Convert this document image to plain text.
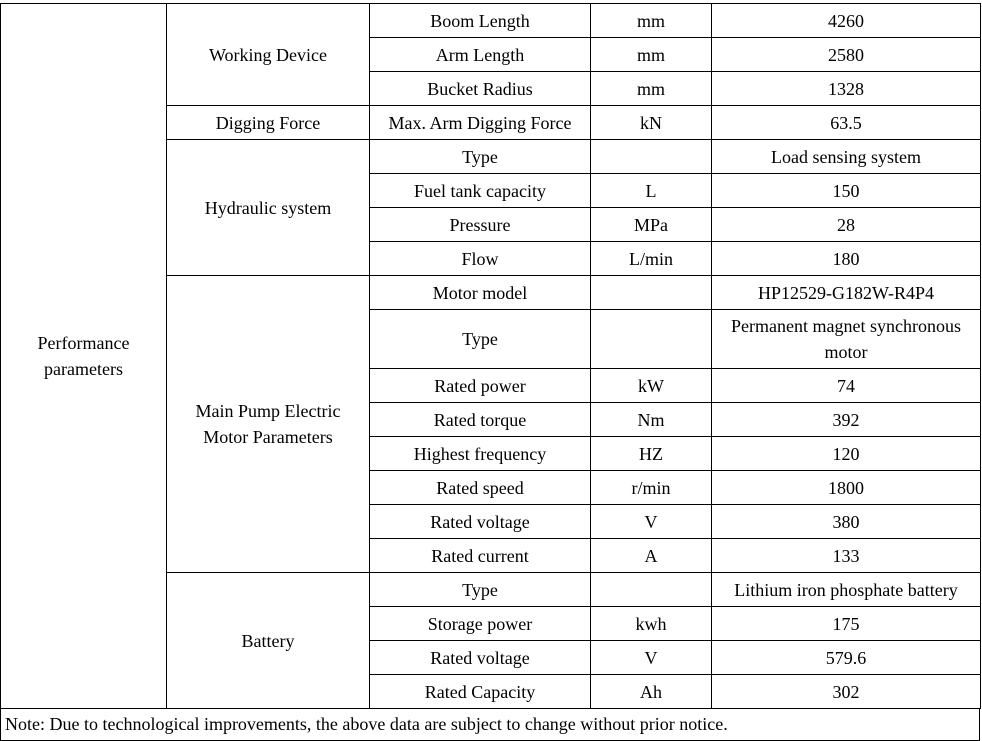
Performance parameters	Working Device	Boom Length	mm	4260
		Arm Length	mm	2580
		Bucket Radius	mm	1328
	Digging Force	Max. Arm Digging Force	kN	63.5
	Hydraulic system	Type		Load sensing system
		Fuel tank capacity	L	150
		Pressure	MPa	28
		Flow	L/min	180
	Main Pump Electric Motor Parameters	Motor model		HP12529-G182W-R4P4
		Type		Permanent magnet synchronous motor
		Rated power	kW	74
		Rated torque	Nm	392
		Highest frequency	HZ	120
		Rated speed	r/min	1800
		Rated voltage	V	380
		Rated current	A	133
	Battery	Type		Lithium iron phosphate battery
		Storage power	kwh	175
		Rated voltage	V	579.6
		Rated Capacity	Ah	302
Note: Due to technological improvements, the above data are subject to change without prior notice.
